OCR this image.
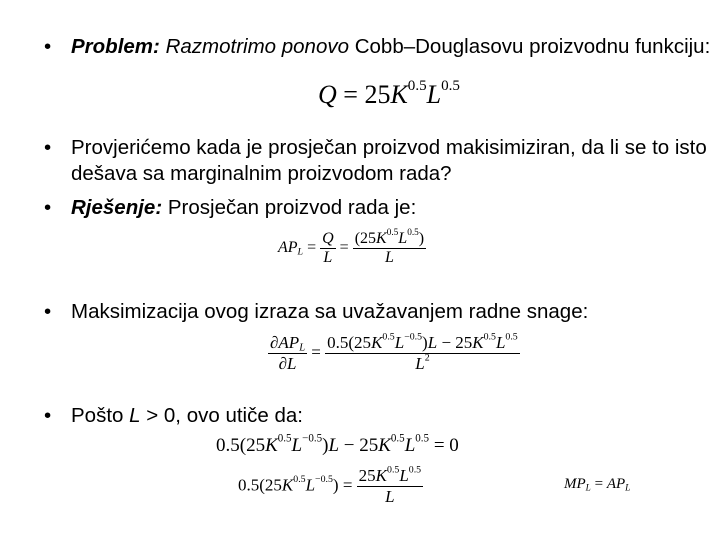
• Problem: Razmotrimo ponovo Cobb–Douglasovu proizvodnu funkciju:
$Q = 25K^{0.5}L^{0.5}$
• Provjerićemo kada je prosječan proizvod makisimiziran, da li se to isto dešava sa marginalnim proizvodom rada?
• Rješenje: Prosječan proizvod rada je:
$AP_L = \frac{Q}{L} = \frac{(25K^{0.5}L^{0.5})}{L}$
• Maksimizacija ovog izraza sa uvažavanjem radne snage:
$\frac{\partial AP_L}{\partial L} = \frac{0.5(25K^{0.5}L^{-0.5})L - 25K^{0.5}L^{0.5}}{L^2}$
• Pošto L > 0, ovo utiče da:
$0.5(25K^{0.5}L^{-0.5})L - 25K^{0.5}L^{0.5} = 0$
$0.5(25K^{0.5}L^{-0.5}) = \frac{25K^{0.5}L^{0.5}}{L}$	$MP_L = AP_L$
